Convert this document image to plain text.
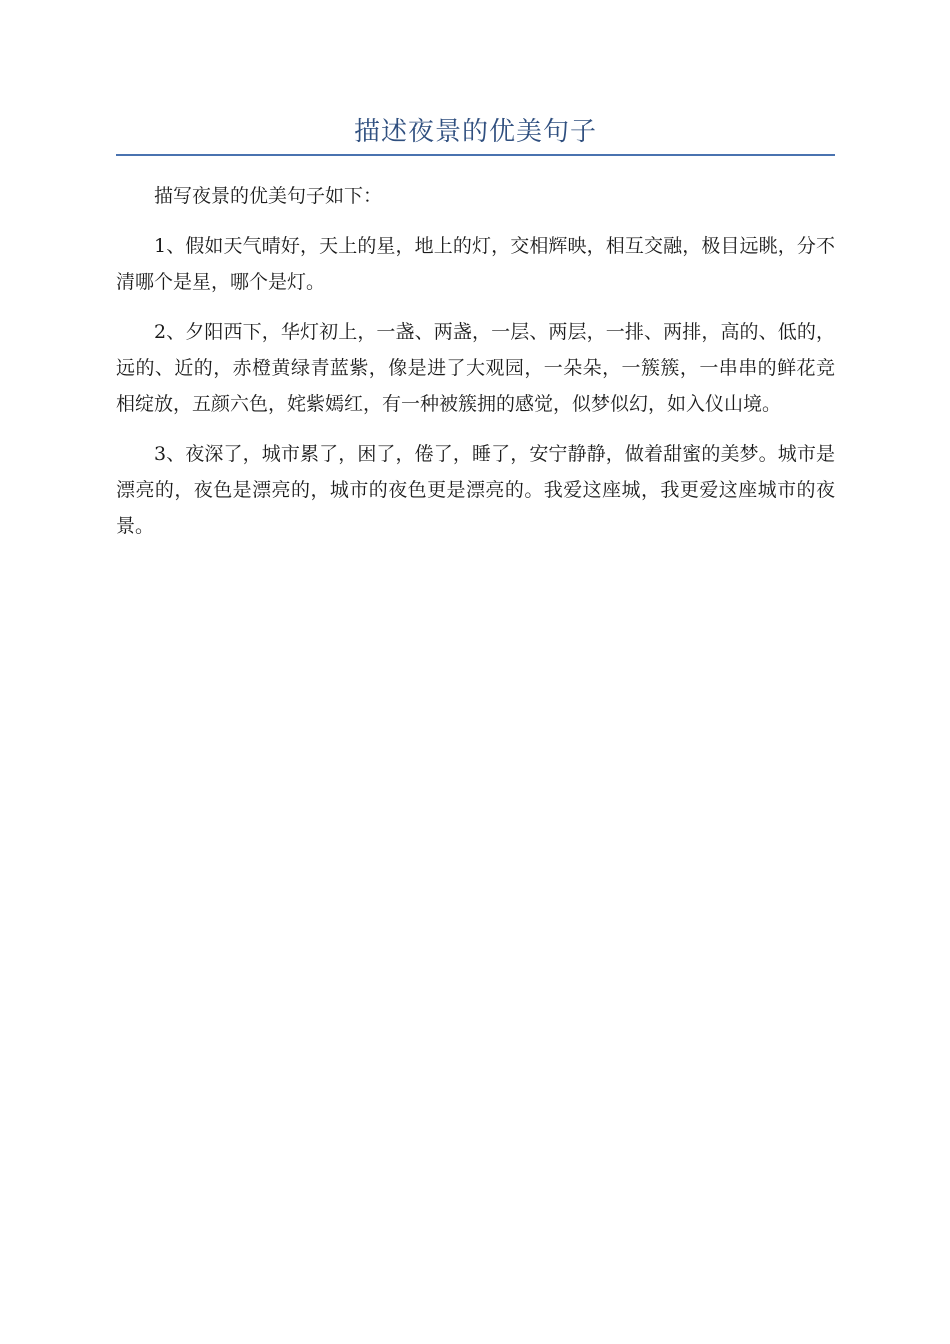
描述夜景的优美句子

描写夜景的优美句子如下：

1、假如天气晴好，天上的星，地上的灯，交相辉映，相互交融，极目远眺，分不清哪个是星，哪个是灯。

2、夕阳西下，华灯初上，一盏、两盏，一层、两层，一排、两排，高的、低的，远的、近的，赤橙黄绿青蓝紫，像是进了大观园，一朵朵，一簇簇，一串串的鲜花竞相绽放，五颜六色，姹紫嫣红，有一种被簇拥的感觉，似梦似幻，如入仪山境。

3、夜深了，城市累了，困了，倦了，睡了，安宁静静，做着甜蜜的美梦。城市是漂亮的，夜色是漂亮的，城市的夜色更是漂亮的。我爱这座城，我更爱这座城市的夜景。
